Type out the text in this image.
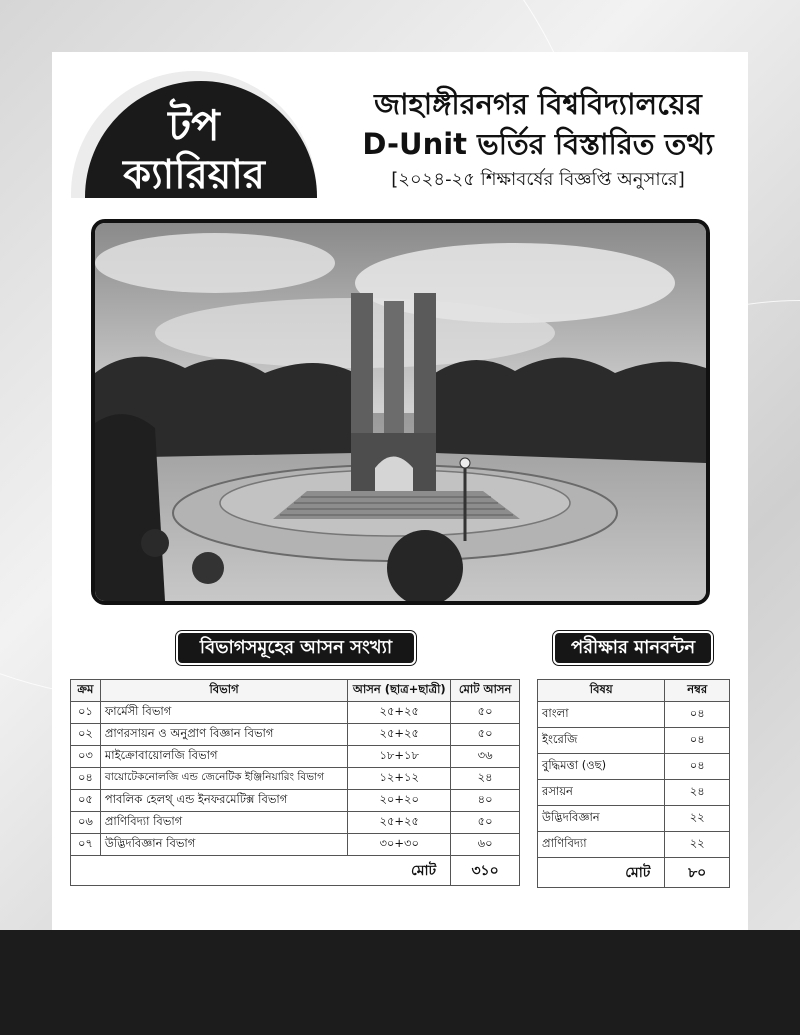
টপ
ক্যারিয়ার
জাহাঙ্গীরনগর বিশ্ববিদ্যালয়ের
D-Unit ভর্তির বিস্তারিত তথ্য
[২০২৪-২৫ শিক্ষাবর্ষের বিজ্ঞপ্তি অনুসারে]
বিভাগসমূহের আসন সংখ্যা	পরীক্ষার মানবন্টন
ক্রম	বিভাগ	আসন (ছাত্র+ছাত্রী)	মোট আসন
০১	ফার্মেসী বিভাগ	২৫+২৫	৫০
০২	প্রাণরসায়ন ও অনুপ্রাণ বিজ্ঞান বিভাগ	২৫+২৫	৫০
০৩	মাইক্রোবায়োলজি বিভাগ	১৮+১৮	৩৬
০৪	বায়োটেকনোলজি এন্ড জেনেটিক ইঞ্জিনিয়ারিং বিভাগ	১২+১২	২৪
০৫	পাবলিক হেলথ্ এন্ড ইনফরমেটিক্স বিভাগ	২০+২০	৪০
০৬	প্রাণিবিদ্যা বিভাগ	২৫+২৫	৫০
০৭	উদ্ভিদবিজ্ঞান বিভাগ	৩০+৩০	৬০
মোট			৩১০
বিষয়	নম্বর
বাংলা	০৪
ইংরেজি	০৪
বুদ্ধিমত্তা (ওছ)	০৪
রসায়ন	২৪
উদ্ভিদবিজ্ঞান	২২
প্রাণিবিদ্যা	২২
মোট	৮০
